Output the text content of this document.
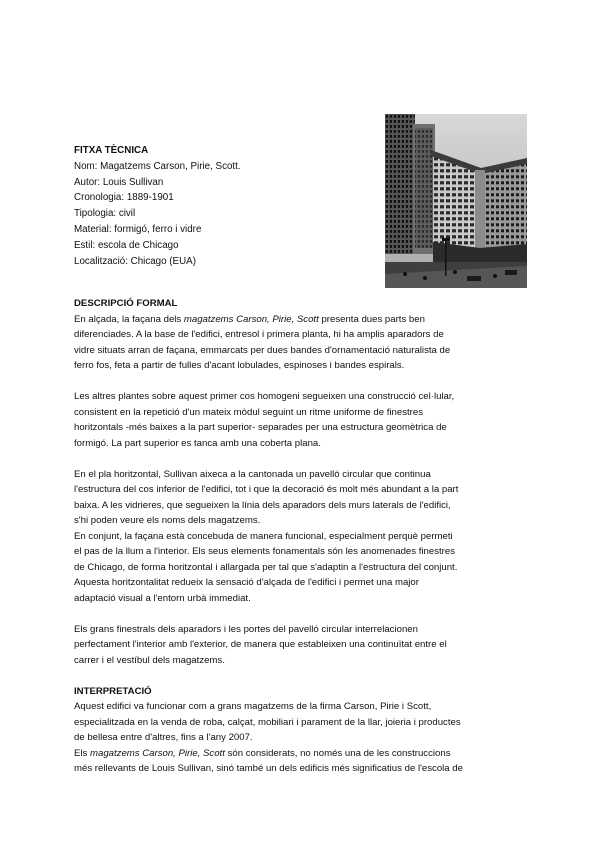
FITXA TÈCNICA
Nom: Magatzems Carson, Pirie, Scott.
Autor: Louis Sullivan
Cronologia: 1889-1901
Tipologia: civil
Material: formigó, ferro i vidre
Estil: escola de Chicago
Localització: Chicago (EUA)

DESCRIPCIÓ FORMAL

En alçada, la façana dels magatzems Carson, Pirie, Scott presenta dues parts ben
diferenciades. A la base de l'edifici, entresol i primera planta, hi ha amplis aparadors de
vidre situats arran de façana, emmarcats per dues bandes d'ornamentació naturalista de
ferro fos, feta a partir de fulles d'acant lobulades, espinoses i bandes espirals.
Les altres plantes sobre aquest primer cos homogeni segueixen una construcció cel·lular,
consistent en la repetició d'un mateix mòdul seguint un ritme uniforme de finestres
horitzontals -més baixes a la part superior- separades per una estructura geomètrica de
formigó. La part superior es tanca amb una coberta plana.
En el pla horitzontal, Sullivan aixeca a la cantonada un pavelló circular que continua
l'estructura del cos inferior de l'edifici, tot i que la decoració és molt més abundant a la part
baixa. A les vidrieres, que segueixen la línia dels aparadors dels murs laterals de l'edifici,
s'hi poden veure els noms dels magatzems.
En conjunt, la façana està concebuda de manera funcional, especialment perquè permeti
el pas de la llum a l'interior. Els seus elements fonamentals són les anomenades finestres
de Chicago, de forma horitzontal i allargada per tal que s'adaptin a l'estructura del conjunt.
Aquesta horitzontalitat redueix la sensació d'alçada de l'edifici i permet una major
adaptació visual a l'entorn urbà immediat.
Els grans finestrals dels aparadors i les portes del pavelló circular interrelacionen
perfectament l'interior amb l'exterior, de manera que estableixen una continuïtat entre el
carrer i el vestíbul dels magatzems.

INTERPRETACIÓ

Aquest edifici va funcionar com a grans magatzems de la firma Carson, Pirie i Scott,
especialitzada en la venda de roba, calçat, mobiliari i parament de la llar, joieria i productes
de bellesa entre d'altres, fins a l'any 2007.
Els magatzems Carson, Pirie, Scott són considerats, no només una de les construccions
més rellevants de Louis Sullivan, sinó també un dels edificis més significatius de l'escola de
